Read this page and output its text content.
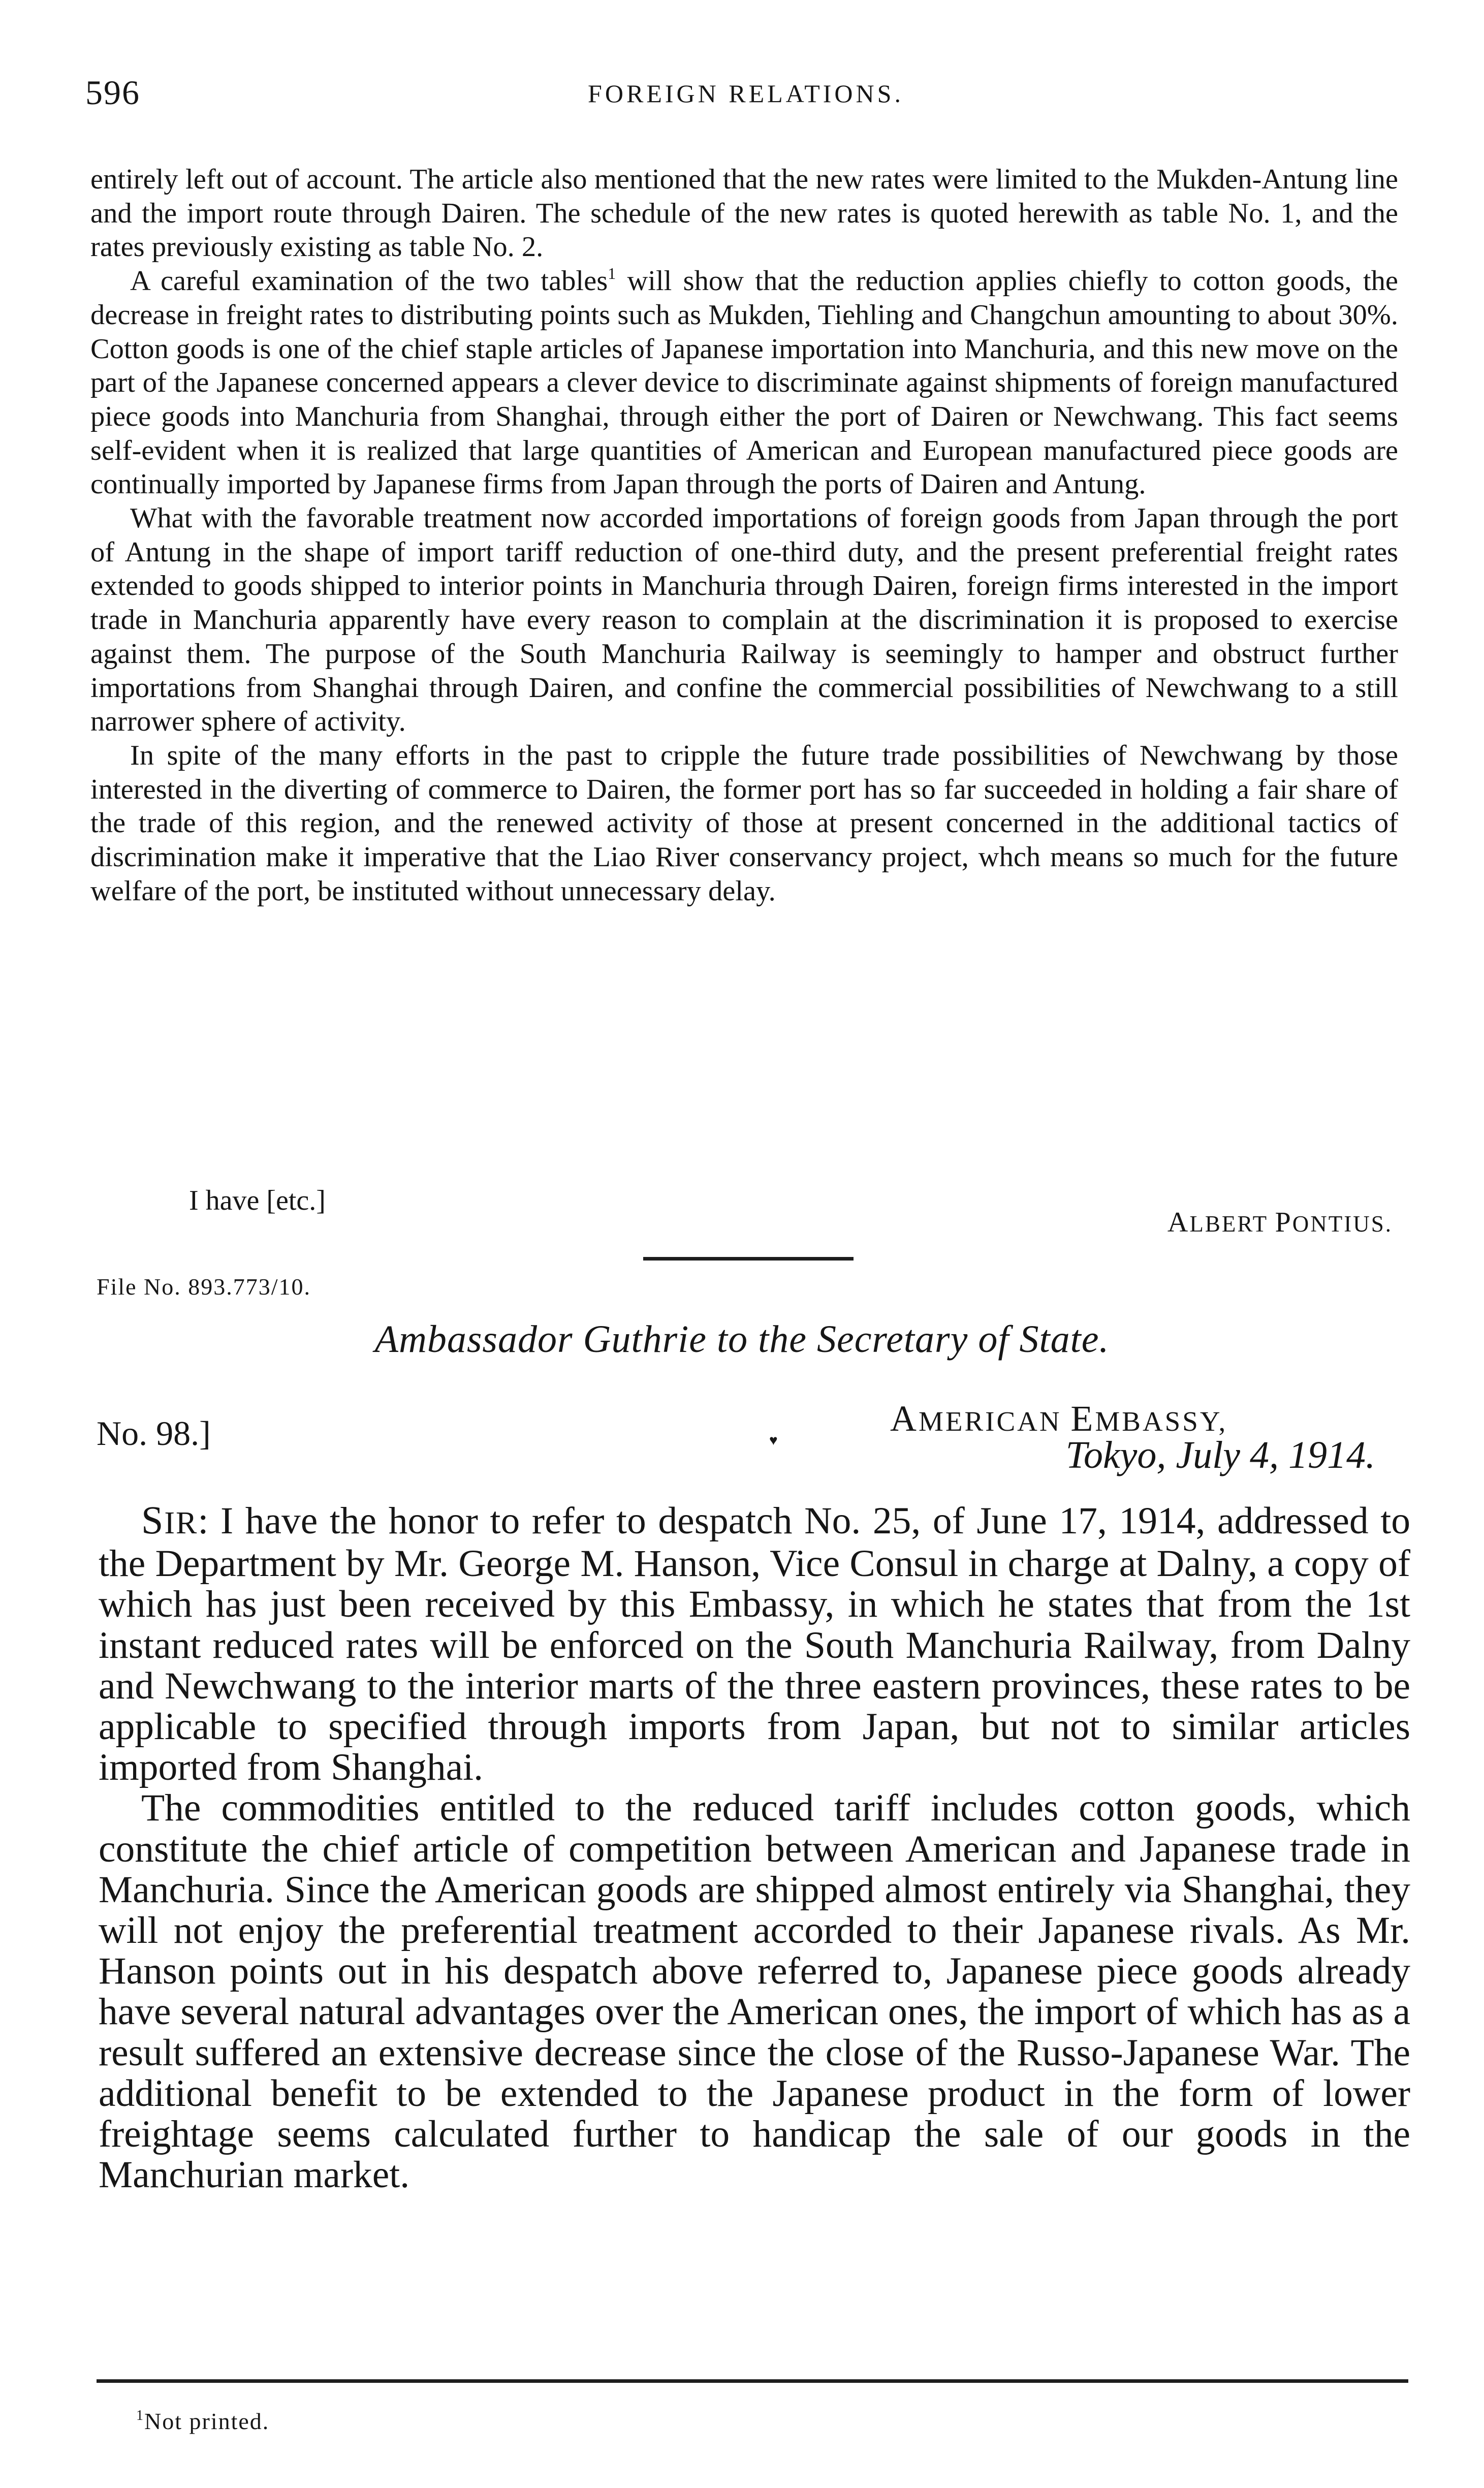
596	FOREIGN RELATIONS.

entirely left out of account. The article also mentioned that the new rates were limited to the Mukden-Antung line and the import route through Dairen. The schedule of the new rates is quoted herewith as table No. 1, and the rates previously existing as table No. 2.

A careful examination of the two tables$^1$ will show that the reduction applies chiefly to cotton goods, the decrease in freight rates to distributing points such as Mukden, Tiehling and Changchun amounting to about 30%. Cotton goods is one of the chief staple articles of Japanese importation into Manchuria, and this new move on the part of the Japanese concerned appears a clever device to discriminate against shipments of foreign manufactured piece goods into Manchuria from Shanghai, through either the port of Dairen or Newchwang. This fact seems self-evident when it is realized that large quantities of American and European manufactured piece goods are continually imported by Japanese firms from Japan through the ports of Dairen and Antung.

What with the favorable treatment now accorded importations of foreign goods from Japan through the port of Antung in the shape of import tariff reduction of one-third duty, and the present preferential freight rates extended to goods shipped to interior points in Manchuria through Dairen, foreign firms interested in the import trade in Manchuria apparently have every reason to complain at the discrimination it is proposed to exercise against them. The purpose of the South Manchuria Railway is seemingly to hamper and obstruct further importations from Shanghai through Dairen, and confine the commercial possibilities of Newchwang to a still narrower sphere of activity.

In spite of the many efforts in the past to cripple the future trade possibilities of Newchwang by those interested in the diverting of commerce to Dairen, the former port has so far succeeded in holding a fair share of the trade of this region, and the renewed activity of those at present concerned in the additional tactics of discrimination make it imperative that the Liao River conservancy project, whch means so much for the future welfare of the port, be instituted without unnecessary delay.

I have [etc.]
ALBERT PONTIUS.
File No. 893.773/10.
Ambassador Guthrie to the Secretary of State.
No. 98.]	♥
AMERICAN EMBASSY,
Tokyo, July 4, 1914.

SIR: I have the honor to refer to despatch No. 25, of June 17, 1914, addressed to the Department by Mr. George M. Hanson, Vice Consul in charge at Dalny, a copy of which has just been received by this Embassy, in which he states that from the 1st instant reduced rates will be enforced on the South Manchuria Railway, from Dalny and Newchwang to the interior marts of the three eastern provinces, these rates to be applicable to specified through imports from Japan, but not to similar articles imported from Shanghai.

The commodities entitled to the reduced tariff includes cotton goods, which constitute the chief article of competition between American and Japanese trade in Manchuria. Since the American goods are shipped almost entirely via Shanghai, they will not enjoy the preferential treatment accorded to their Japanese rivals. As Mr. Hanson points out in his despatch above referred to, Japanese piece goods already have several natural advantages over the American ones, the import of which has as a result suffered an extensive decrease since the close of the Russo-Japanese War. The additional benefit to be extended to the Japanese product in the form of lower freightage seems calculated further to handicap the sale of our goods in the Manchurian market.

$^1$Not printed.
